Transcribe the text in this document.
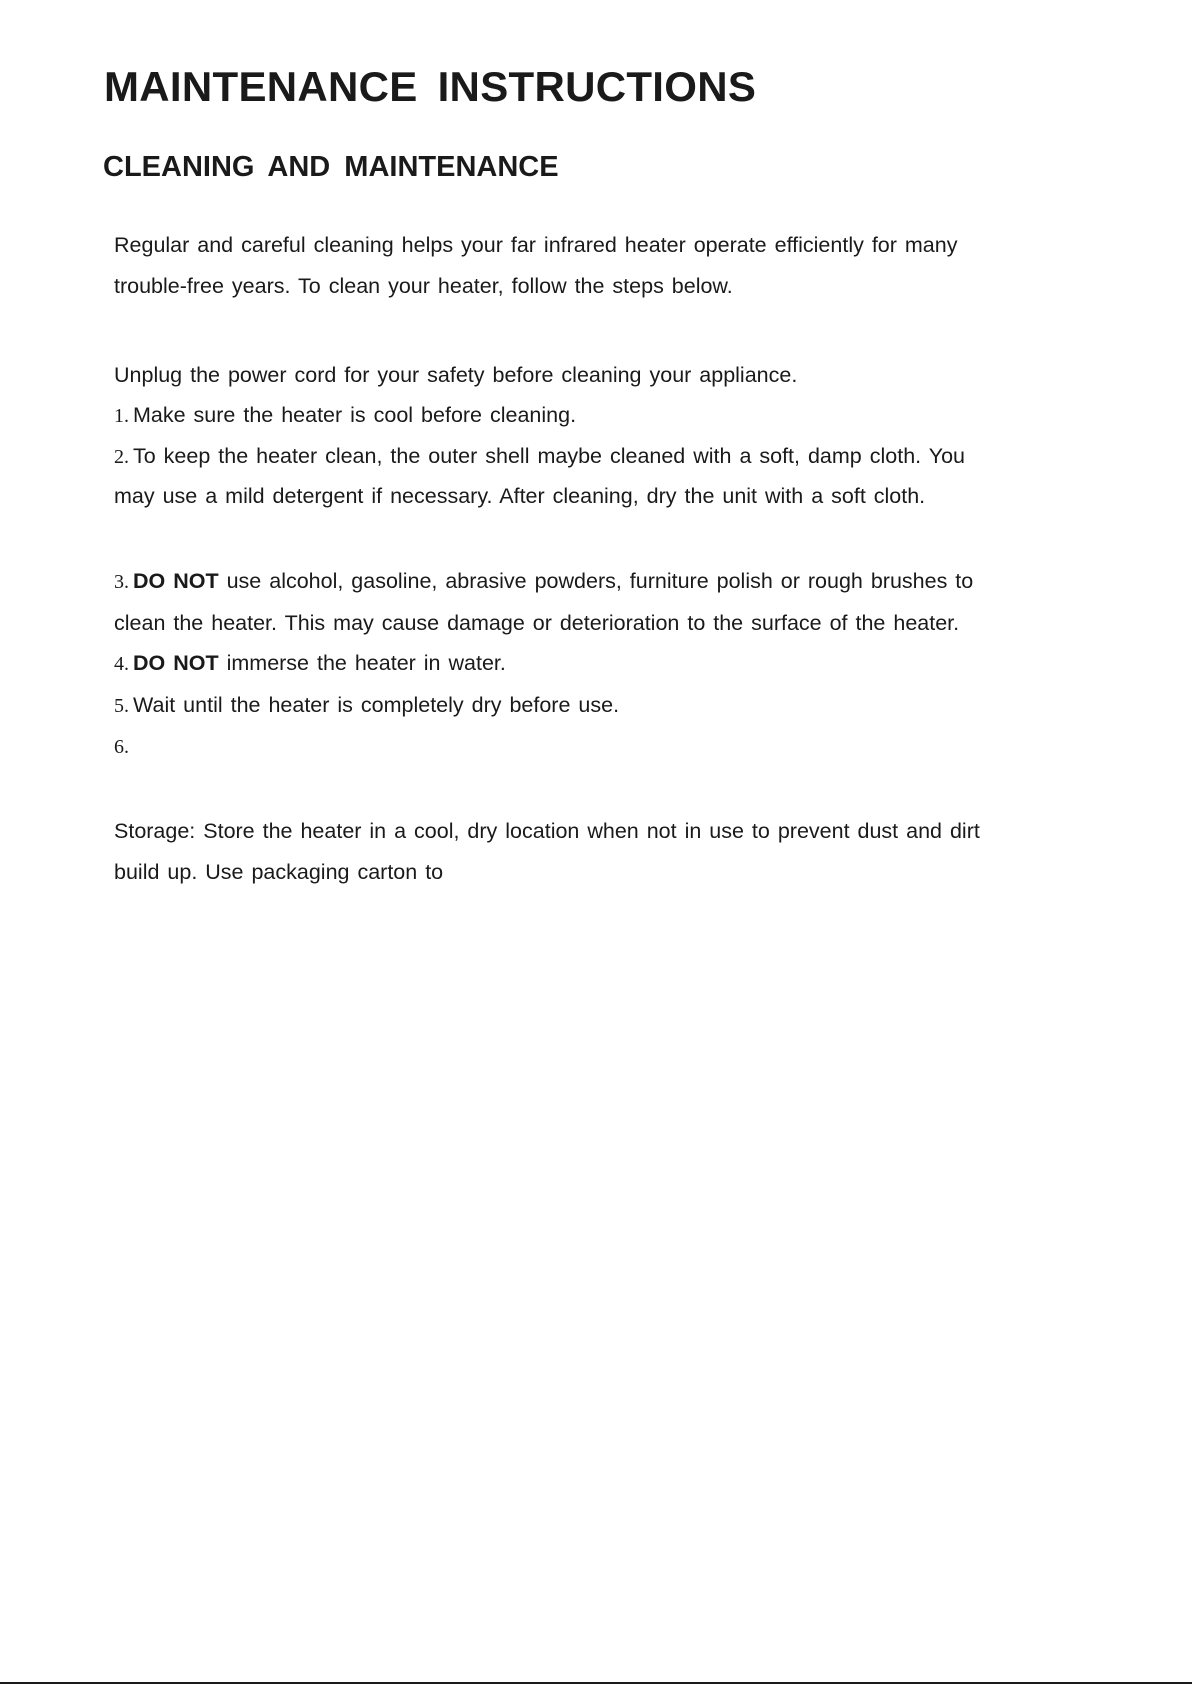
MAINTENANCE INSTRUCTIONS
CLEANING AND MAINTENANCE

Regular and careful cleaning helps your far infrared heater operate efficiently for many

trouble-free years. To clean your heater, follow the steps below.

Unplug the power cord for your safety before cleaning your appliance.

1. Make sure the heater is cool before cleaning.

2. To keep the heater clean, the outer shell maybe cleaned with a soft, damp cloth. You

may use a mild detergent if necessary. After cleaning, dry the unit with a soft cloth.

3. DO NOT use alcohol, gasoline, abrasive powders, furniture polish or rough brushes to

clean the heater. This may cause damage or deterioration to the surface of the heater.

4. DO NOT immerse the heater in water.

5. Wait until the heater is completely dry before use.

6.

Storage: Store the heater in a cool, dry location when not in use to prevent dust and dirt

build up. Use packaging carton to
